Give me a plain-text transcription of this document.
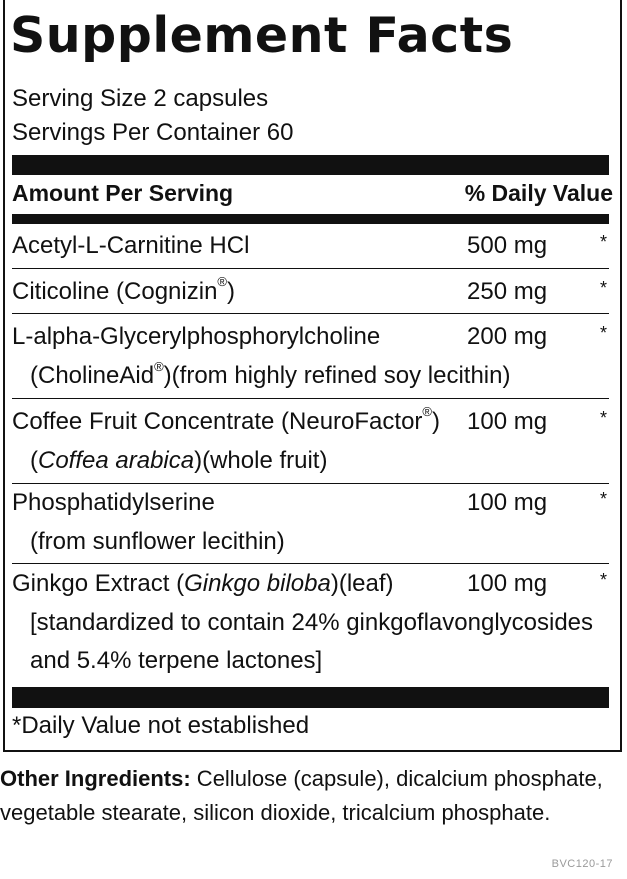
Supplement Facts
Serving Size 2 capsules
Servings Per Container 60
Amount Per Serving	% Daily Value
Acetyl-L-Carnitine HCl	500 mg	*
Citicoline (Cognizin®)	250 mg	*
L-alpha-Glycerylphosphorylcholine
(CholineAid®)(from highly refined soy lecithin)
200 mg	*
Coffee Fruit Concentrate (NeuroFactor®)
(Coffea arabica)(whole fruit)
100 mg	*
Phosphatidylserine
(from sunflower lecithin)
100 mg	*
Ginkgo Extract (Ginkgo biloba)(leaf)
[standardized to contain 24% ginkgoflavonglycosides
and 5.4% terpene lactones]
100 mg	*
*Daily Value not established
Other Ingredients: Cellulose (capsule), dicalcium phosphate, vegetable stearate, silicon dioxide, tricalcium phosphate.
BVC120-17
